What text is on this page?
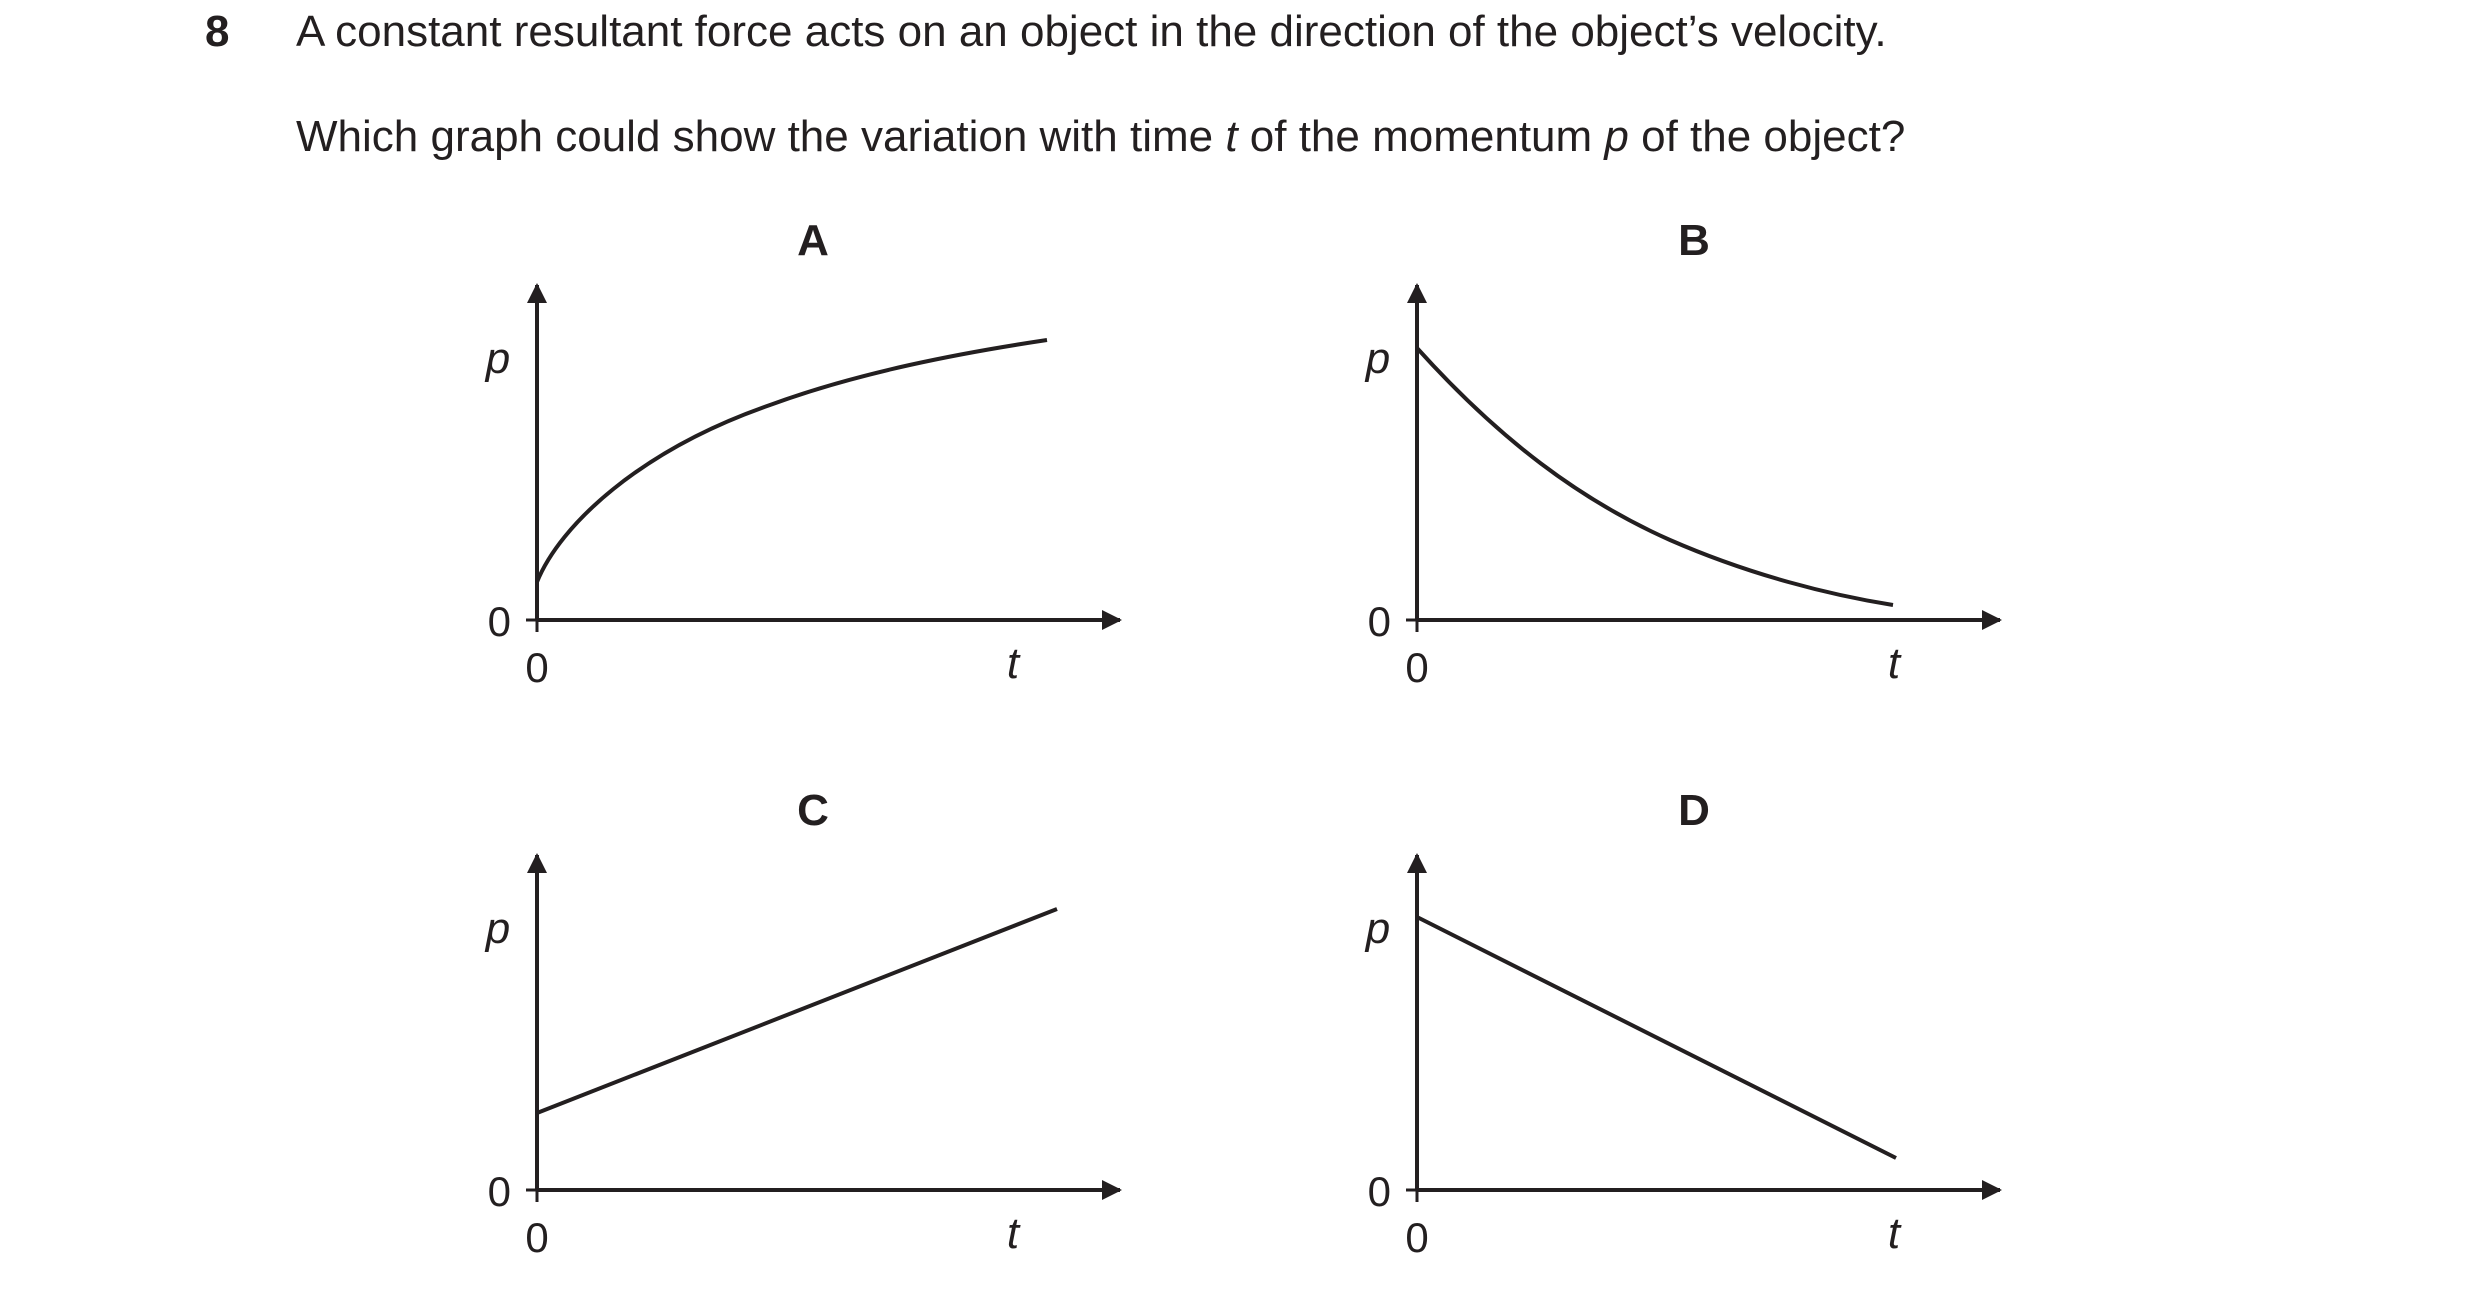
8 A constant resultant force acts on an object in the direction of the object’s velocity.
Which graph could show the variation with time t of the momentum p of the object?
A
p
t
0
0
B
p
t
0
0
C
p
t
0
0
D
p
t
0
0
